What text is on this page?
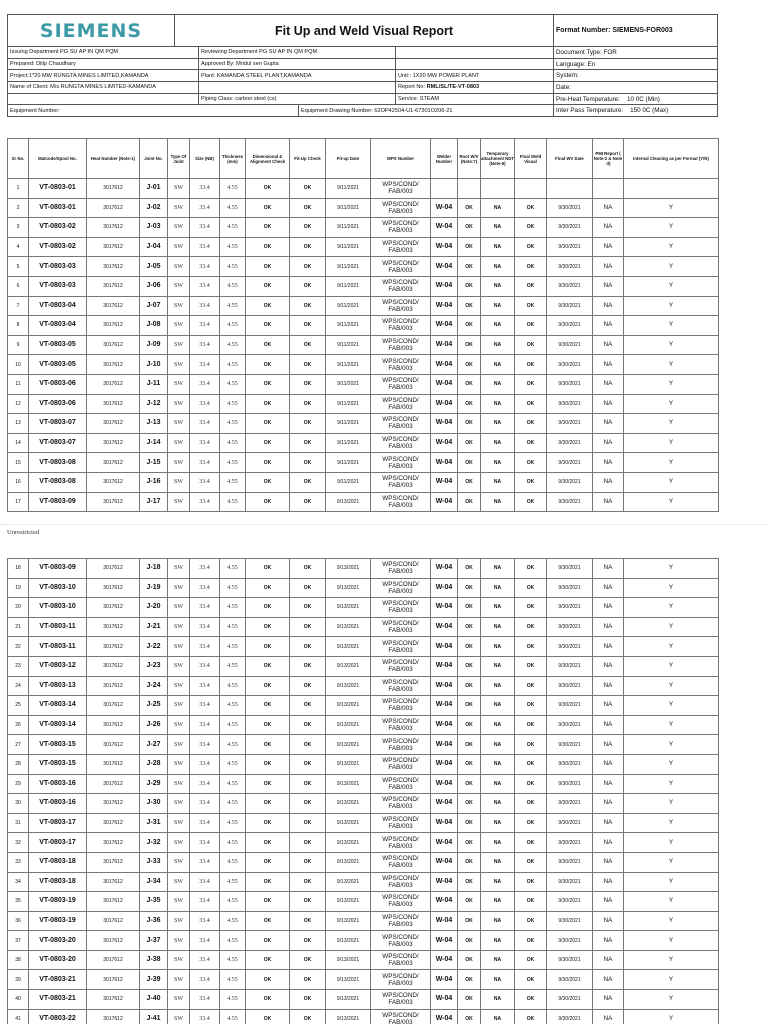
SIEMENS	Fit Up and Weld Visual Report	Format Number: SIEMENS-FOR003
Issuing Department PG SU AP IN QM PQM	Reviewing Department PG SU AP IN QM PQM	Document Type: FOR
Prepared: Dilip Chaudhary	Approved By: Mridul sen Gupta	Language: En
Project:1*20 MW RUNGTA MINES LIMITED,KAMANDA	Plant: KAMANDA STEEL PLANT,KAMANDA	Unit:: 1X20 MW POWER PLANT	System:
Name of Client: M/s RUNGTA MINES LIMITED-KAMANDA	Report No:
RML/SL/TE-VT-0803	Date:
Piping Class: carbon steel (cs)	Service: STEAM	Pre-Heat Temperature:
10 0C (Min)
Equipment Number:	Equipment Drawing Number: 62OP42504-U1-67301O206-21	Inter Pass Temperature:
150 0C (Max)
Sr No.	Matcode/Spool No.	Heat Number (Note-1)	Joint No.	Type Of Joint	Size (NB)	Thickness (mm)	Dimensional & Alignment Check	Fit-Up Check	Fit-up Date	WPS Number	Welder Number	Root W/V (Note:7)	Temporary attachment NDT (Note-5)	Final Weld Visual	Final WV Date	PMI Report ( Note-2 & Note -3)	Internal Cleaning as per Format (Y/N)
1	VT-0803-01	3017612	J-01	SW	33.4	4.55	OK	OK	9/11/2021	WPS/COND/ FAB/003							
2	VT-0803-01	3017612	J-02	SW	33.4	4.55	OK	OK	9/11/2021	WPS/COND/ FAB/003	W-04	OK	NA	OK	9/30/2021	NA	Y
3	VT-0803-02	3017612	J-03	SW	33.4	4.55	OK	OK	9/11/2021	WPS/COND/ FAB/003	W-04	OK	NA	OK	9/30/2021	NA	Y
4	VT-0803-02	3017612	J-04	SW	33.4	4.55	OK	OK	9/11/2021	WPS/COND/ FAB/003	W-04	OK	NA	OK	9/30/2021	NA	Y
5	VT-0803-03	3017612	J-05	SW	33.4	4.55	OK	OK	9/11/2021	WPS/COND/ FAB/003	W-04	OK	NA	OK	9/30/2021	NA	Y
6	VT-0803-03	3017612	J-06	SW	33.4	4.55	OK	OK	9/11/2021	WPS/COND/ FAB/003	W-04	OK	NA	OK	9/30/2021	NA	Y
7	VT-0803-04	3017612	J-07	SW	33.4	4.55	OK	OK	9/11/2021	WPS/COND/ FAB/003	W-04	OK	NA	OK	9/30/2021	NA	Y
8	VT-0803-04	3017612	J-08	SW	33.4	4.55	OK	OK	9/11/2021	WPS/COND/ FAB/003	W-04	OK	NA	OK	9/30/2021	NA	Y
9	VT-0803-05	3017612	J-09	SW	33.4	4.55	OK	OK	9/11/2021	WPS/COND/ FAB/003	W-04	OK	NA	OK	9/30/2021	NA	Y
10	VT-0803-05	3017612	J-10	SW	33.4	4.55	OK	OK	9/11/2021	WPS/COND/ FAB/003	W-04	OK	NA	OK	9/30/2021	NA	Y
11	VT-0803-06	3017612	J-11	SW	33.4	4.55	OK	OK	9/11/2021	WPS/COND/ FAB/003	W-04	OK	NA	OK	9/30/2021	NA	Y
12	VT-0803-06	3017612	J-12	SW	33.4	4.55	OK	OK	9/11/2021	WPS/COND/ FAB/003	W-04	OK	NA	OK	9/30/2021	NA	Y
13	VT-0803-07	3017612	J-13	SW	33.4	4.55	OK	OK	9/11/2021	WPS/COND/ FAB/003	W-04	OK	NA	OK	9/30/2021	NA	Y
14	VT-0803-07	3017612	J-14	SW	33.4	4.55	OK	OK	9/11/2021	WPS/COND/ FAB/003	W-04	OK	NA	OK	9/30/2021	NA	Y
15	VT-0803-08	3017612	J-15	SW	33.4	4.55	OK	OK	9/11/2021	WPS/COND/ FAB/003	W-04	OK	NA	OK	9/30/2021	NA	Y
16	VT-0803-08	3017612	J-16	SW	33.4	4.55	OK	OK	9/11/2021	WPS/COND/ FAB/003	W-04	OK	NA	OK	9/30/2021	NA	Y
17	VT-0803-09	3017612	J-17	SW	33.4	4.55	OK	OK	9/13/2021	WPS/COND/ FAB/003	W-04	OK	NA	OK	9/30/2021	NA	Y
Unrestricted
18	VT-0803-09	3017612	J-18	SW	33.4	4.55	OK	OK	9/13/2021	WPS/COND/ FAB/003	W-04	OK	NA	OK	9/30/2021	NA	Y
19	VT-0803-10	3017612	J-19	SW	33.4	4.55	OK	OK	9/13/2021	WPS/COND/ FAB/003	W-04	OK	NA	OK	9/30/2021	NA	Y
20	VT-0803-10	3017612	J-20	SW	33.4	4.55	OK	OK	9/13/2021	WPS/COND/ FAB/003	W-04	OK	NA	OK	9/30/2021	NA	Y
21	VT-0803-11	3017612	J-21	SW	33.4	4.55	OK	OK	9/13/2021	WPS/COND/ FAB/003	W-04	OK	NA	OK	9/30/2021	NA	Y
22	VT-0803-11	3017612	J-22	SW	33.4	4.55	OK	OK	9/13/2021	WPS/COND/ FAB/003	W-04	OK	NA	OK	9/30/2021	NA	Y
23	VT-0803-12	3017612	J-23	SW	33.4	4.55	OK	OK	9/13/2021	WPS/COND/ FAB/003	W-04	OK	NA	OK	9/30/2021	NA	Y
24	VT-0803-13	3017612	J-24	SW	33.4	4.55	OK	OK	9/13/2021	WPS/COND/ FAB/003	W-04	OK	NA	OK	9/30/2021	NA	Y
25	VT-0803-14	3017612	J-25	SW	33.4	4.55	OK	OK	9/13/2021	WPS/COND/ FAB/003	W-04	OK	NA	OK	9/30/2021	NA	Y
26	VT-0803-14	3017612	J-26	SW	33.4	4.55	OK	OK	9/13/2021	WPS/COND/ FAB/003	W-04	OK	NA	OK	9/30/2021	NA	Y
27	VT-0803-15	3017612	J-27	SW	33.4	4.55	OK	OK	9/13/2021	WPS/COND/ FAB/003	W-04	OK	NA	OK	9/30/2021	NA	Y
28	VT-0803-15	3017612	J-28	SW	33.4	4.55	OK	OK	9/13/2021	WPS/COND/ FAB/003	W-04	OK	NA	OK	9/30/2021	NA	Y
29	VT-0803-16	3017612	J-29	SW	33.4	4.55	OK	OK	9/13/2021	WPS/COND/ FAB/003	W-04	OK	NA	OK	9/30/2021	NA	Y
30	VT-0803-16	3017612	J-30	SW	33.4	4.55	OK	OK	9/13/2021	WPS/COND/ FAB/003	W-04	OK	NA	OK	9/30/2021	NA	Y
31	VT-0803-17	3017612	J-31	SW	33.4	4.55	OK	OK	9/13/2021	WPS/COND/ FAB/003	W-04	OK	NA	OK	9/30/2021	NA	Y
32	VT-0803-17	3017612	J-32	SW	33.4	4.55	OK	OK	9/13/2021	WPS/COND/ FAB/003	W-04	OK	NA	OK	9/30/2021	NA	Y
33	VT-0803-18	3017612	J-33	SW	33.4	4.55	OK	OK	9/13/2021	WPS/COND/ FAB/003	W-04	OK	NA	OK	9/30/2021	NA	Y
34	VT-0803-18	3017612	J-34	SW	33.4	4.55	OK	OK	9/13/2021	WPS/COND/ FAB/003	W-04	OK	NA	OK	9/30/2021	NA	Y
35	VT-0803-19	3017612	J-35	SW	33.4	4.55	OK	OK	9/13/2021	WPS/COND/ FAB/003	W-04	OK	NA	OK	9/30/2021	NA	Y
36	VT-0803-19	3017612	J-36	SW	33.4	4.55	OK	OK	9/13/2021	WPS/COND/ FAB/003	W-04	OK	NA	OK	9/30/2021	NA	Y
37	VT-0803-20	3017612	J-37	SW	33.4	4.55	OK	OK	9/13/2021	WPS/COND/ FAB/003	W-04	OK	NA	OK	9/30/2021	NA	Y
38	VT-0803-20	3017612	J-38	SW	33.4	4.55	OK	OK	9/13/2021	WPS/COND/ FAB/003	W-04	OK	NA	OK	9/30/2021	NA	Y
39	VT-0803-21	3017612	J-39	SW	33.4	4.55	OK	OK	9/13/2021	WPS/COND/ FAB/003	W-04	OK	NA	OK	9/30/2021	NA	Y
40	VT-0803-21	3017612	J-40	SW	33.4	4.55	OK	OK	9/13/2021	WPS/COND/ FAB/003	W-04	OK	NA	OK	9/30/2021	NA	Y
41	VT-0803-22	3017612	J-41	SW	33.4	4.55	OK	OK	9/13/2021	WPS/COND/ FAB/003	W-04	OK	NA	OK	9/30/2021	NA	Y
